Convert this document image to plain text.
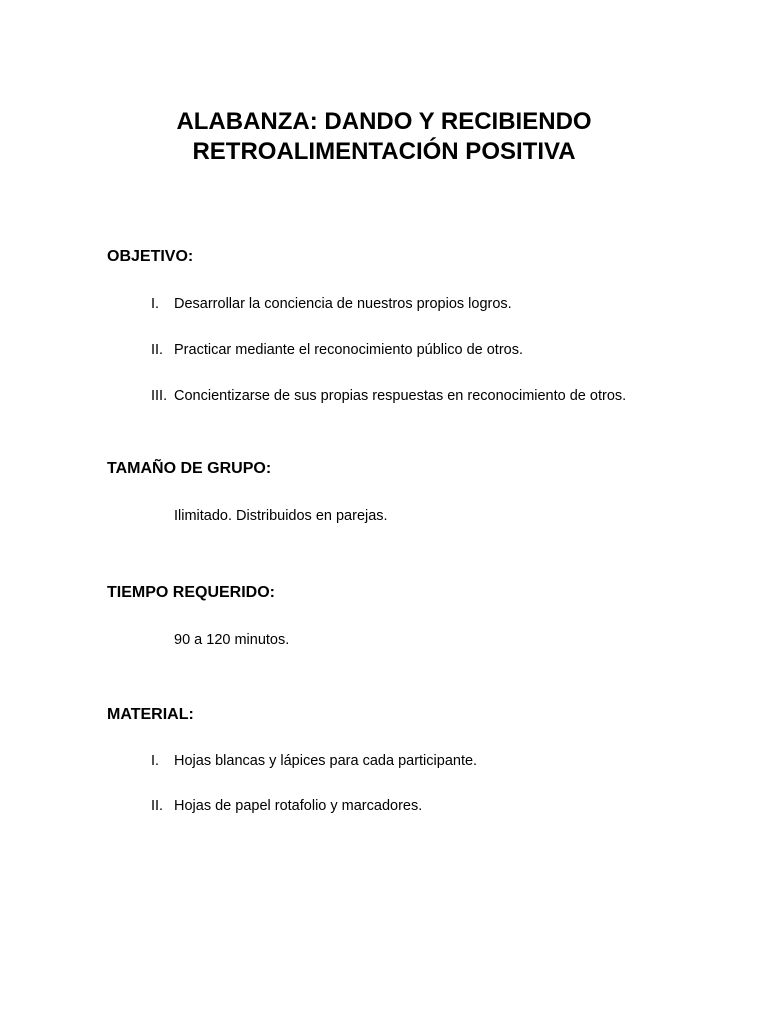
ALABANZA: DANDO Y RECIBIENDO
RETROALIMENTACIÓN POSITIVA
OBJETIVO:
I. Desarrollar la conciencia de nuestros propios logros.
II. Practicar mediante el reconocimiento público de otros.
III. Concientizarse de sus propias respuestas en reconocimiento de otros.
TAMAÑO DE GRUPO:
Ilimitado. Distribuidos en parejas.
TIEMPO REQUERIDO:
90 a 120 minutos.
MATERIAL:
I. Hojas blancas y lápices para cada participante.
II. Hojas de papel rotafolio y marcadores.
